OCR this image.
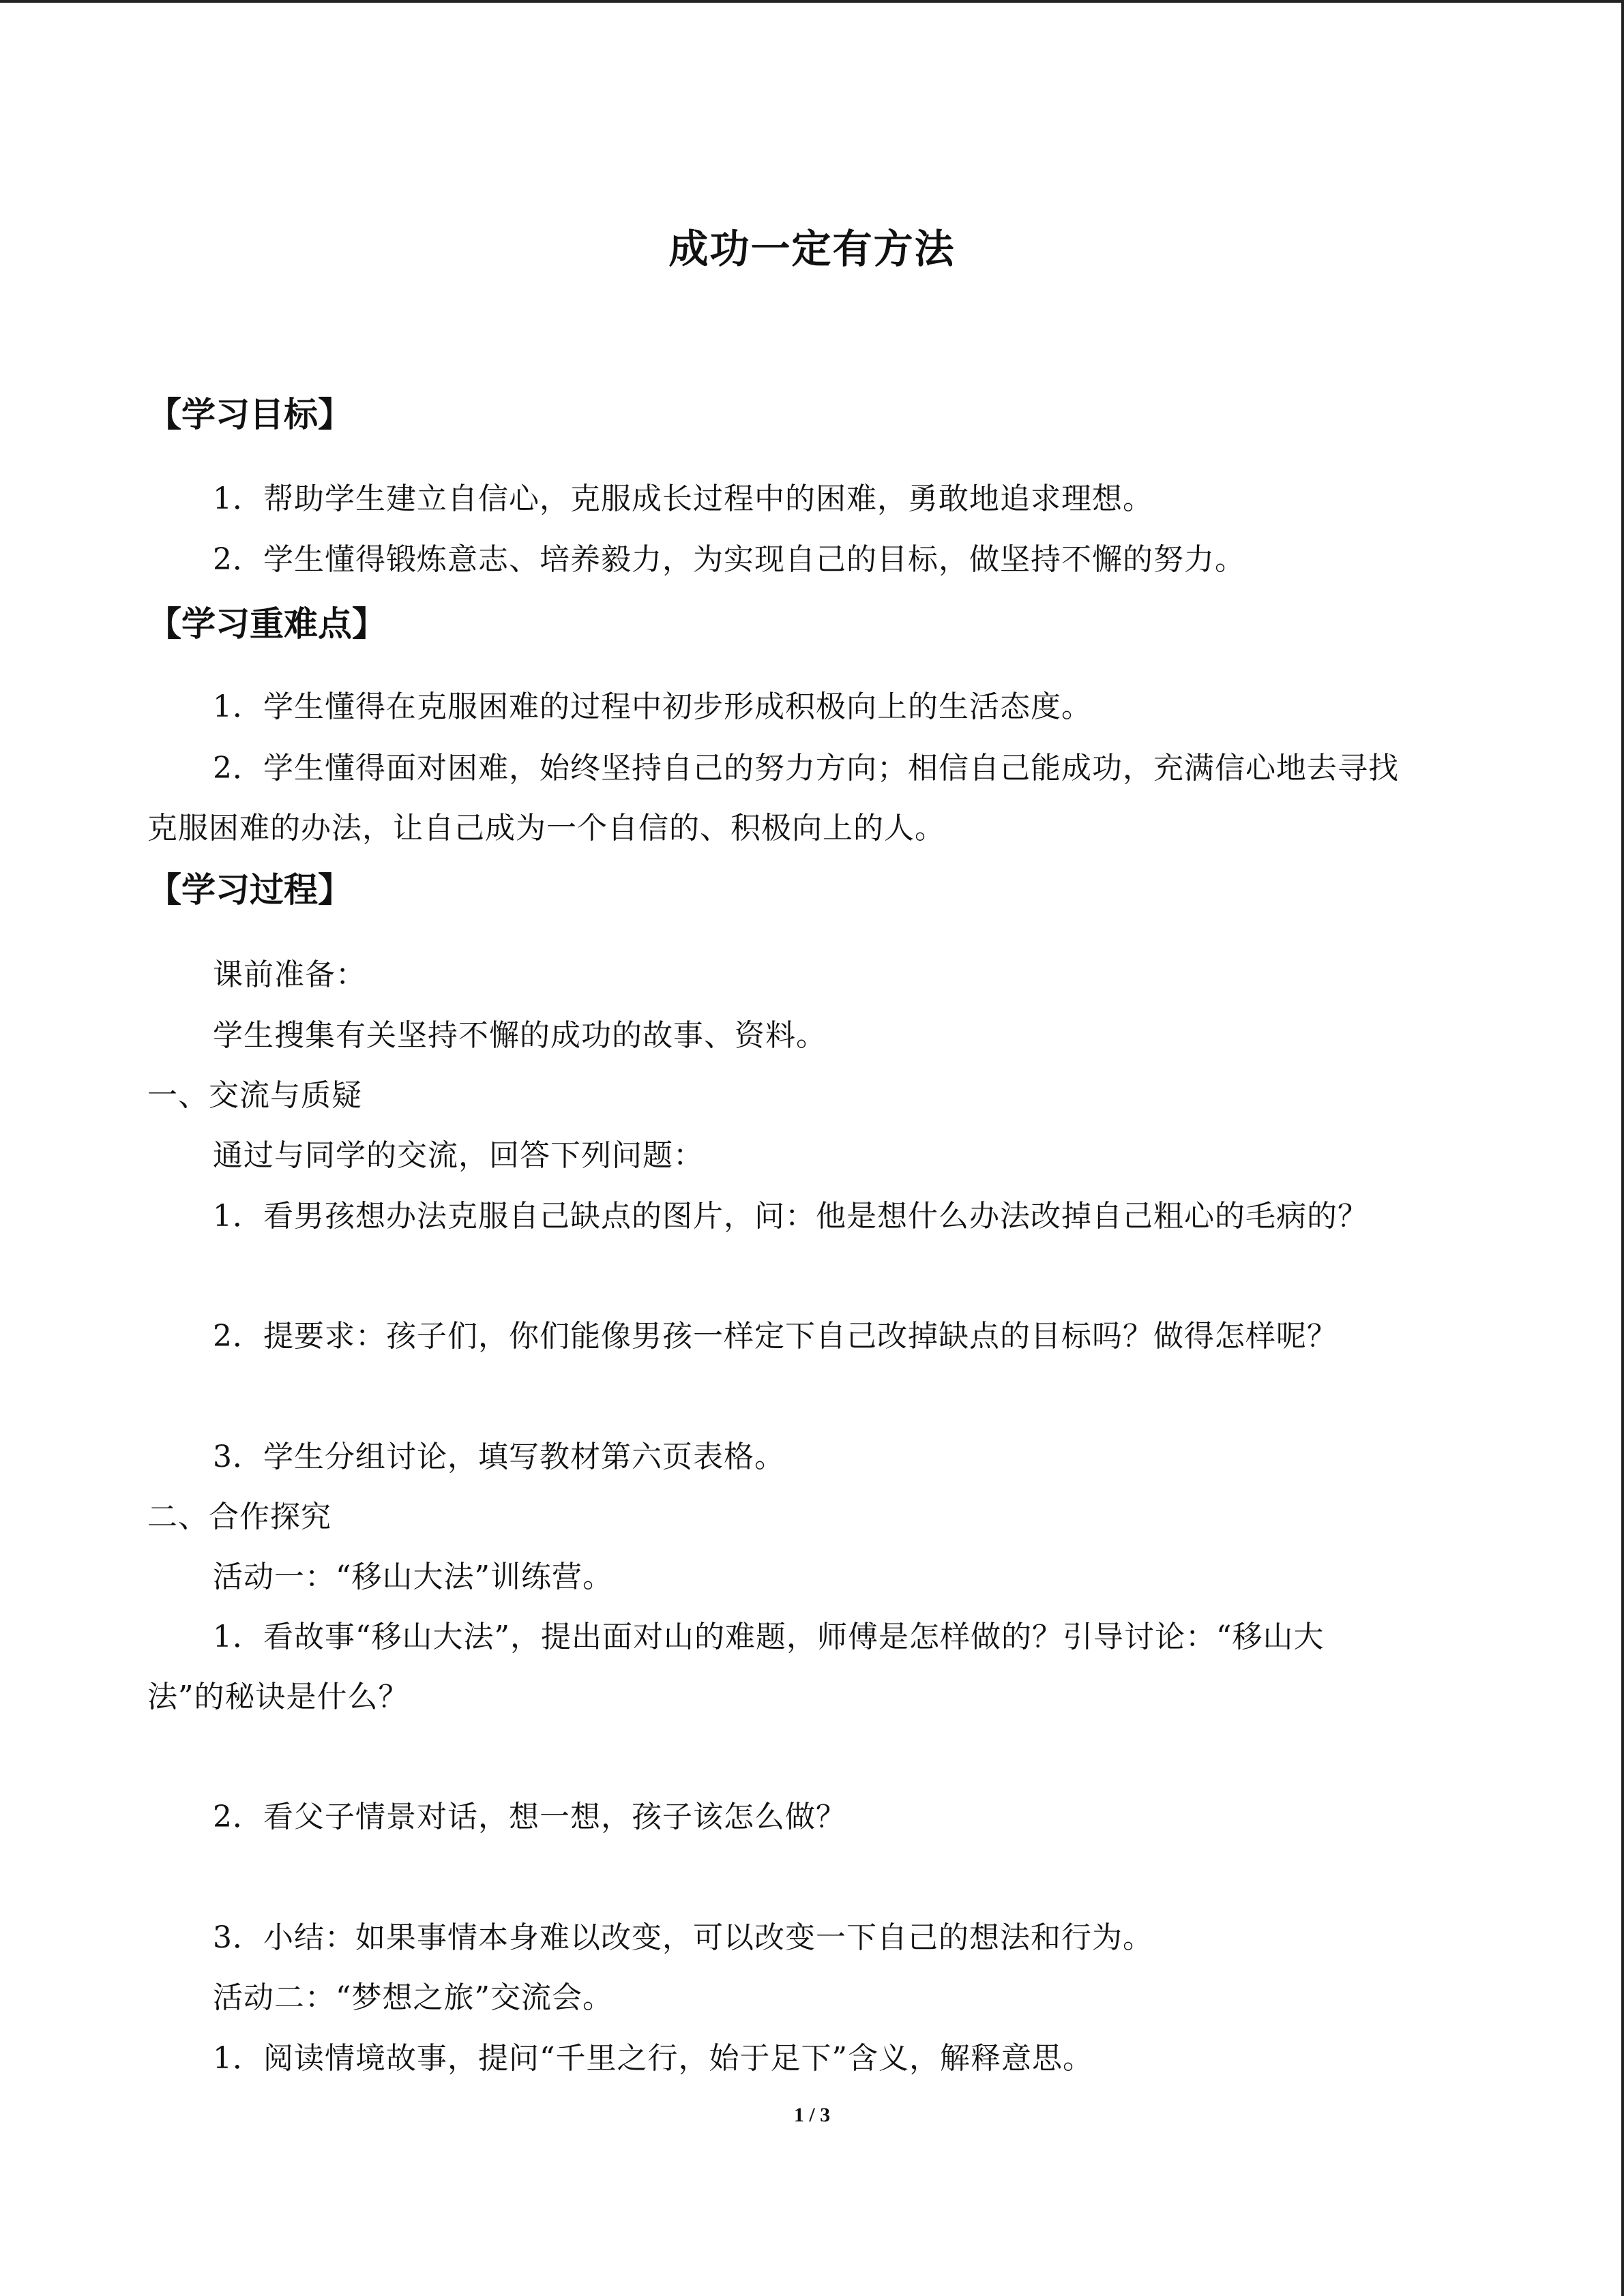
成功一定有方法
【学习目标】
1．帮助学生建立自信心，克服成长过程中的困难，勇敢地追求理想。
2．学生懂得锻炼意志、培养毅力，为实现自己的目标，做坚持不懈的努力。
【学习重难点】
1．学生懂得在克服困难的过程中初步形成积极向上的生活态度。
2．学生懂得面对困难，始终坚持自己的努力方向；相信自己能成功，充满信心地去寻找
克服困难的办法，让自己成为一个自信的、积极向上的人。
【学习过程】
课前准备：
学生搜集有关坚持不懈的成功的故事、资料。
一、交流与质疑
通过与同学的交流，回答下列问题：
1．看男孩想办法克服自己缺点的图片，问：他是想什么办法改掉自己粗心的毛病的？
2．提要求：孩子们，你们能像男孩一样定下自己改掉缺点的目标吗？做得怎样呢？
3．学生分组讨论，填写教材第六页表格。
二、合作探究
活动一：“移山大法”训练营。
1．看故事“移山大法”，提出面对山的难题，师傅是怎样做的？引导讨论：“移山大
法”的秘诀是什么？
2．看父子情景对话，想一想，孩子该怎么做？
3．小结：如果事情本身难以改变，可以改变一下自己的想法和行为。
活动二：“梦想之旅”交流会。
1．阅读情境故事，提问“千里之行，始于足下”含义，解释意思。
1 / 3
